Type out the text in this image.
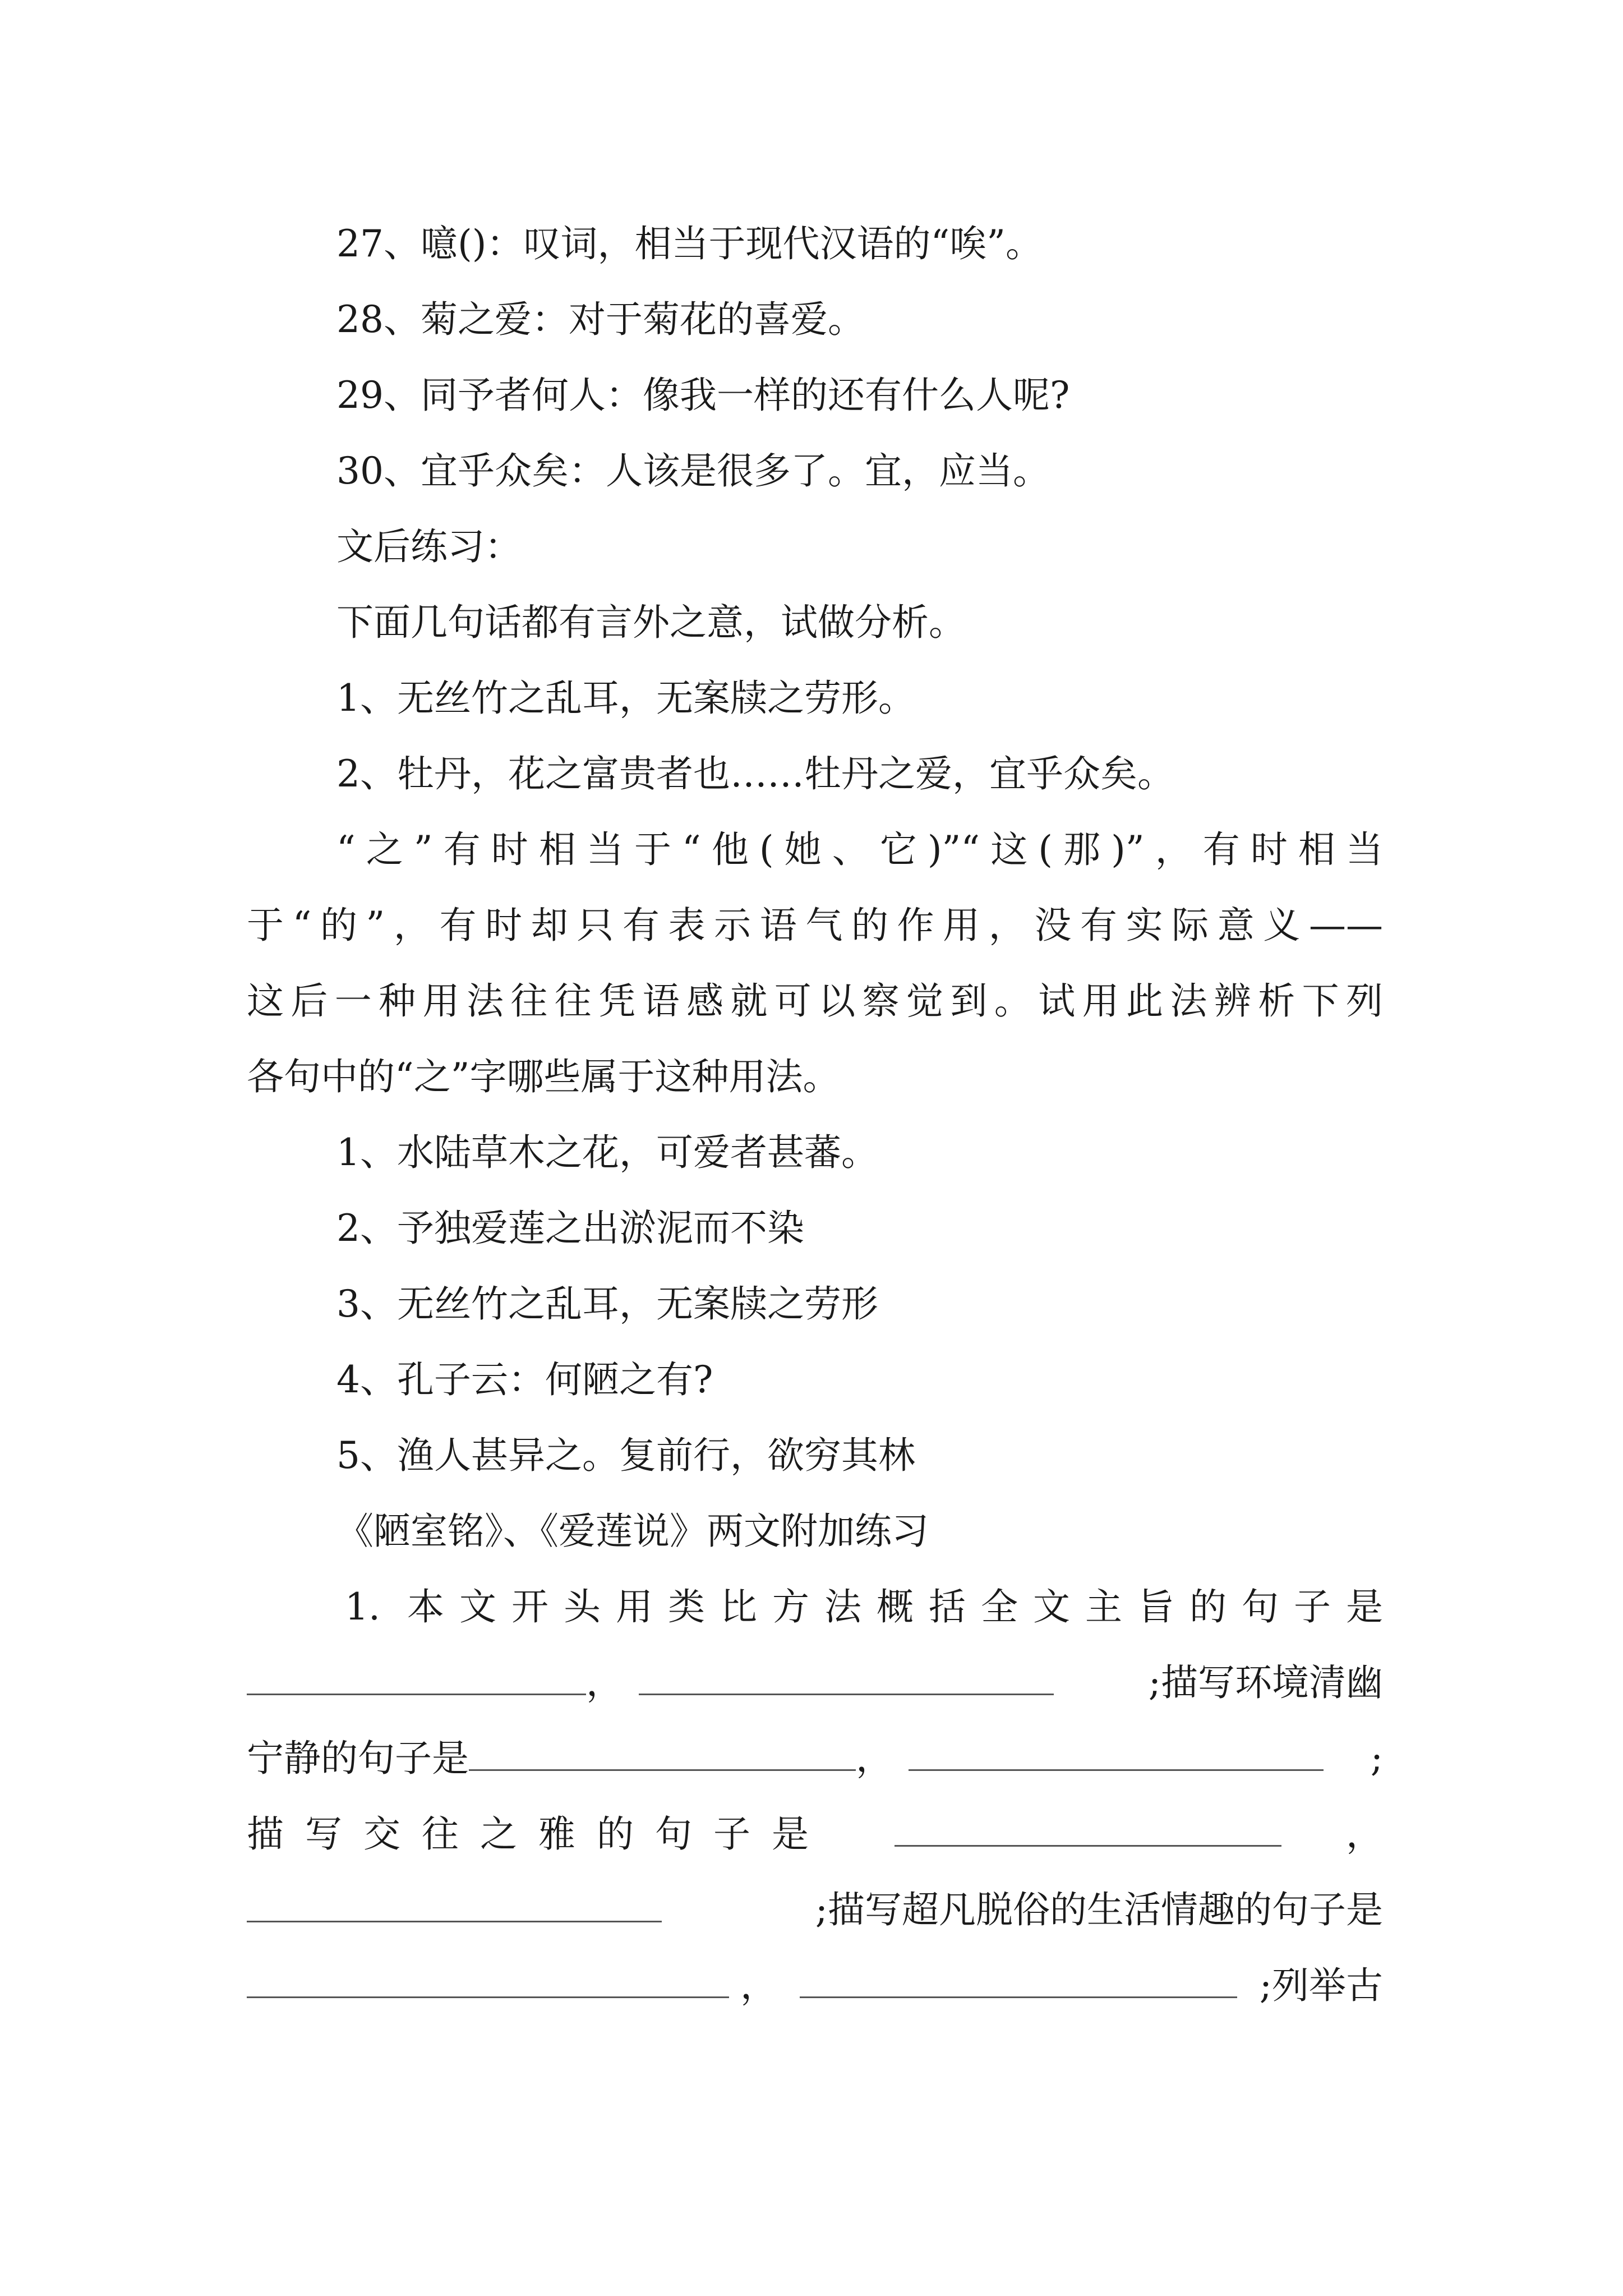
27、噫()：叹词，相当于现代汉语的“唉”。
28、菊之爱：对于菊花的喜爱。
29、同予者何人：像我一样的还有什么人呢?
30、宜乎众矣：人该是很多了。宜，应当。
文后练习：
下面几句话都有言外之意，试做分析。
1、无丝竹之乱耳，无案牍之劳形。
2、牡丹，花之富贵者也……牡丹之爱，宜乎众矣。
“之”有时相当于“他(她、它)”“这(那)”，有时相当
于“的”，有时却只有表示语气的作用，没有实际意义——
这后一种用法往往凭语感就可以察觉到。试用此法辨析下列
各句中的“之”字哪些属于这种用法。
1、水陆草木之花，可爱者甚蕃。
2、予独爱莲之出淤泥而不染
3、无丝竹之乱耳，无案牍之劳形
4、孔子云：何陋之有?
5、渔人甚异之。复前行，欲穷其林
《陋室铭》、《爱莲说》两文附加练习
1. 本文开头用类比方法概括全文主旨的句子是
，	;描写环境清幽
宁静的句子是	，	;
描写交往之雅的句子是	，
;描写超凡脱俗的生活情趣的句子是
，	;列举古
